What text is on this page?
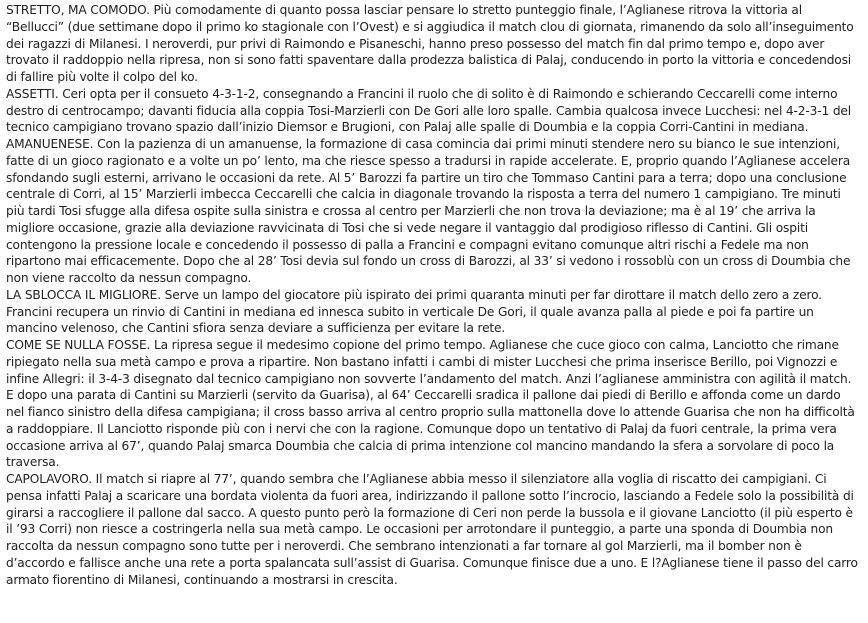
STRETTO, MA COMODO. Più comodamente di quanto possa lasciar pensare lo stretto punteggio finale, l’Aglianese ritrova la vittoria al “Bellucci” (due settimane dopo il primo ko stagionale con l’Ovest) e si aggiudica il match clou di giornata, rimanendo da solo all’inseguimento dei ragazzi di Milanesi. I neroverdi, pur privi di Raimondo e Pisaneschi, hanno preso possesso del match fin dal primo tempo e, dopo aver trovato il raddoppio nella ripresa, non si sono fatti spaventare dalla prodezza balistica di Palaj, conducendo in porto la vittoria e concedendosi di fallire più volte il colpo del ko.

ASSETTI. Ceri opta per il consueto 4-3-1-2, consegnando a Francini il ruolo che di solito è di Raimondo e schierando Ceccarelli come interno destro di centrocampo; davanti fiducia alla coppia Tosi-Marzierli con De Gori alle loro spalle. Cambia qualcosa invece Lucchesi: nel 4-2-3-1 del tecnico campigiano trovano spazio dall’inizio Diemsor e Brugioni, con Palaj alle spalle di Doumbia e la coppia Corri-Cantini in mediana.

AMANUENESE. Con la pazienza di un amanuense, la formazione di casa comincia dai primi minuti stendere nero su bianco le sue intenzioni, fatte di un gioco ragionato e a volte un po’ lento, ma che riesce spesso a tradursi in rapide accelerate. E, proprio quando l’Aglianese accelera sfondando sugli esterni, arrivano le occasioni da rete. Al 5’ Barozzi fa partire un tiro che Tommaso Cantini para a terra; dopo una conclusione centrale di Corri, al 15’ Marzierli imbecca Ceccarelli che calcia in diagonale trovando la risposta a terra del numero 1 campigiano. Tre minuti più tardi Tosi sfugge alla difesa ospite sulla sinistra e crossa al centro per Marzierli che non trova la deviazione; ma è al 19’ che arriva la migliore occasione, grazie alla deviazione ravvicinata di Tosi che si vede negare il vantaggio dal prodigioso riflesso di Cantini. Gli ospiti contengono la pressione locale e concedendo il possesso di palla a Francini e compagni evitano comunque altri rischi a Fedele ma non ripartono mai efficacemente. Dopo che al 28’ Tosi devia sul fondo un cross di Barozzi, al 33’ si vedono i rossoblù con un cross di Doumbia che non viene raccolto da nessun compagno.

LA SBLOCCA IL MIGLIORE. Serve un lampo del giocatore più ispirato dei primi quaranta minuti per far dirottare il match dello zero a zero. Francini recupera un rinvio di Cantini in mediana ed innesca subito in verticale De Gori, il quale avanza palla al piede e poi fa partire un mancino velenoso, che Cantini sfiora senza deviare a sufficienza per evitare la rete.

COME SE NULLA FOSSE. La ripresa segue il medesimo copione del primo tempo. Aglianese che cuce gioco con calma, Lanciotto che rimane ripiegato nella sua metà campo e prova a ripartire. Non bastano infatti i cambi di mister Lucchesi che prima inserisce Berillo, poi Vignozzi e infine Allegri: il 3-4-3 disegnato dal tecnico campigiano non sovverte l’andamento del match. Anzi l’aglianese amministra con agilità il match. E dopo una parata di Cantini su Marzierli (servito da Guarisa), al 64’ Ceccarelli sradica il pallone dai piedi di Berillo e affonda come un dardo nel fianco sinistro della difesa campigiana; il cross basso arriva al centro proprio sulla mattonella dove lo attende Guarisa che non ha difficoltà a raddoppiare. Il Lanciotto risponde più con i nervi che con la ragione. Comunque dopo un tentativo di Palaj da fuori centrale, la prima vera occasione arriva al 67’, quando Palaj smarca Doumbia che calcia di prima intenzione col mancino mandando la sfera a sorvolare di poco la traversa.

CAPOLAVORO. Il match si riapre al 77’, quando sembra che l’Aglianese abbia messo il silenziatore alla voglia di riscatto dei campigiani. Ci pensa infatti Palaj a scaricare una bordata violenta da fuori area, indirizzando il pallone sotto l’incrocio, lasciando a Fedele solo la possibilità di girarsi a raccogliere il pallone dal sacco. A questo punto però la formazione di Ceri non perde la bussola e il giovane Lanciotto (il più esperto è il ’93 Corri) non riesce a costringerla nella sua metà campo. Le occasioni per arrotondare il punteggio, a parte una sponda di Doumbia non raccolta da nessun compagno sono tutte per i neroverdi. Che sembrano intenzionati a far tornare al gol Marzierli, ma il bomber non è d’accordo e fallisce anche una rete a porta spalancata sull’assist di Guarisa. Comunque finisce due a uno. E l?Aglianese tiene il passo del carro armato fiorentino di Milanesi, continuando a mostrarsi in crescita.
